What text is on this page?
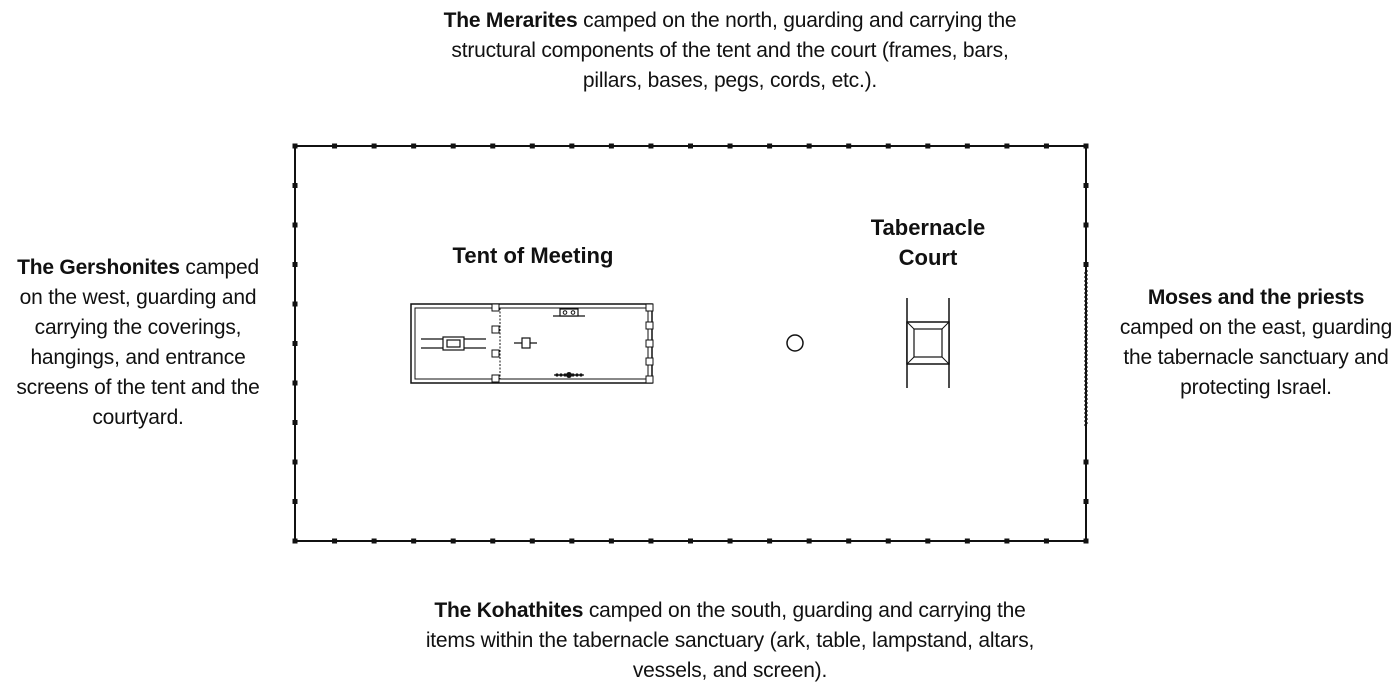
Tent of Meeting
Tabernacle Court
The Merarites camped on the north, guarding and carrying the structural components of the tent and the court (frames, bars, pillars, bases, pegs, cords, etc.).
The Gershonites camped on the west, guarding and carrying the coverings, hangings, and entrance screens of the tent and the courtyard.
Moses and the priests
camped on the east, guarding the tabernacle sanctuary and protecting Israel.
The Kohathites camped on the south, guarding and carrying the items within the tabernacle sanctuary (ark, table, lampstand, altars, vessels, and screen).
